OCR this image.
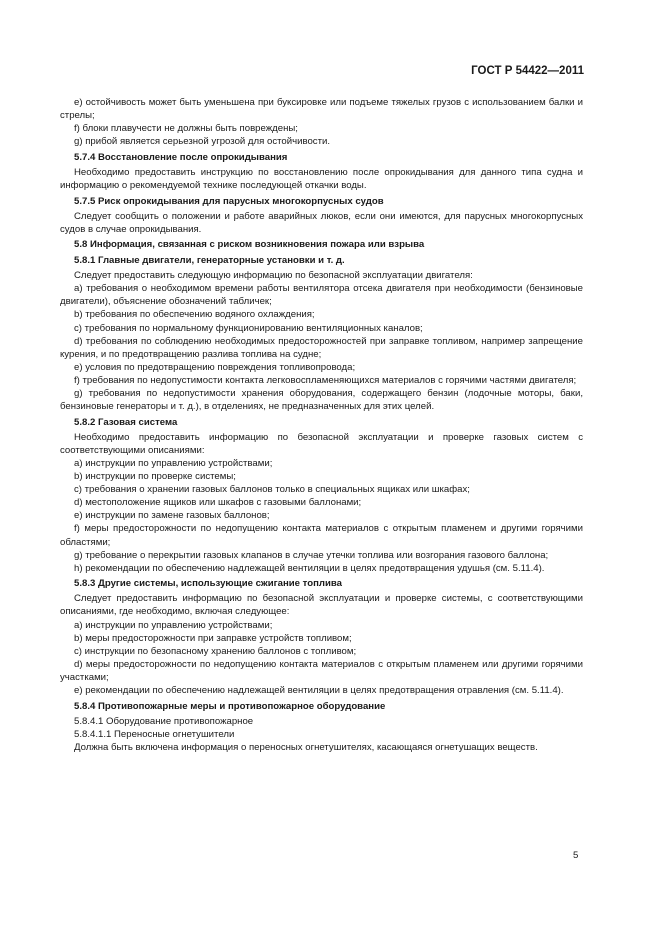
ГОСТ Р 54422—2011

e) остойчивость может быть уменьшена при буксировке или подъеме тяжелых грузов с использованием балки и стрелы;

f) блоки плавучести не должны быть повреждены;

g) прибой является серьезной угрозой для остойчивости.

5.7.4 Восстановление после опрокидывания

Необходимо предоставить инструкцию по восстановлению после опрокидывания для данного типа судна и информацию о рекомендуемой технике последующей откачки воды.

5.7.5 Риск опрокидывания для парусных многокорпусных судов

Следует сообщить о положении и работе аварийных люков, если они имеются, для парусных многокорпусных судов в случае опрокидывания.

5.8 Информация, связанная с риском возникновения пожара или взрыва

5.8.1 Главные двигатели, генераторные установки и т. д.

Следует предоставить следующую информацию по безопасной эксплуатации двигателя:

a) требования о необходимом времени работы вентилятора отсека двигателя при необходимости (бензиновые двигатели), объяснение обозначений табличек;

b) требования по обеспечению водяного охлаждения;

c) требования по нормальному функционированию вентиляционных каналов;

d) требования по соблюдению необходимых предосторожностей при заправке топливом, например запрещение курения, и по предотвращению разлива топлива на судне;

e) условия по предотвращению повреждения топливопровода;

f) требования по недопустимости контакта легковоспламеняющихся материалов с горячими частями двигателя;

g) требования по недопустимости хранения оборудования, содержащего бензин (лодочные моторы, баки, бензиновые генераторы и т. д.), в отделениях, не предназначенных для этих целей.

5.8.2 Газовая система

Необходимо предоставить информацию по безопасной эксплуатации и проверке газовых систем с соответствующими описаниями:

a) инструкции по управлению устройствами;

b) инструкции по проверке системы;

c) требования о хранении газовых баллонов только в специальных ящиках или шкафах;

d) местоположение ящиков или шкафов с газовыми баллонами;

e) инструкции по замене газовых баллонов;

f) меры предосторожности по недопущению контакта материалов с открытым пламенем и другими горячими областями;

g) требование о перекрытии газовых клапанов в случае утечки топлива или возгорания газового баллона;

h) рекомендации по обеспечению надлежащей вентиляции в целях предотвращения удушья (см. 5.11.4).

5.8.3 Другие системы, использующие сжигание топлива

Следует предоставить информацию по безопасной эксплуатации и проверке системы, с соответствующими описаниями, где необходимо, включая следующее:

a) инструкции по управлению устройствами;

b) меры предосторожности при заправке устройств топливом;

c) инструкции по безопасному хранению баллонов с топливом;

d) меры предосторожности по недопущению контакта материалов с открытым пламенем или другими горячими участками;

e) рекомендации по обеспечению надлежащей вентиляции в целях предотвращения отравления (см. 5.11.4).

5.8.4 Противопожарные меры и противопожарное оборудование

5.8.4.1 Оборудование противопожарное

5.8.4.1.1 Переносные огнетушители

Должна быть включена информация о переносных огнетушителях, касающаяся огнетушащих веществ.

5
